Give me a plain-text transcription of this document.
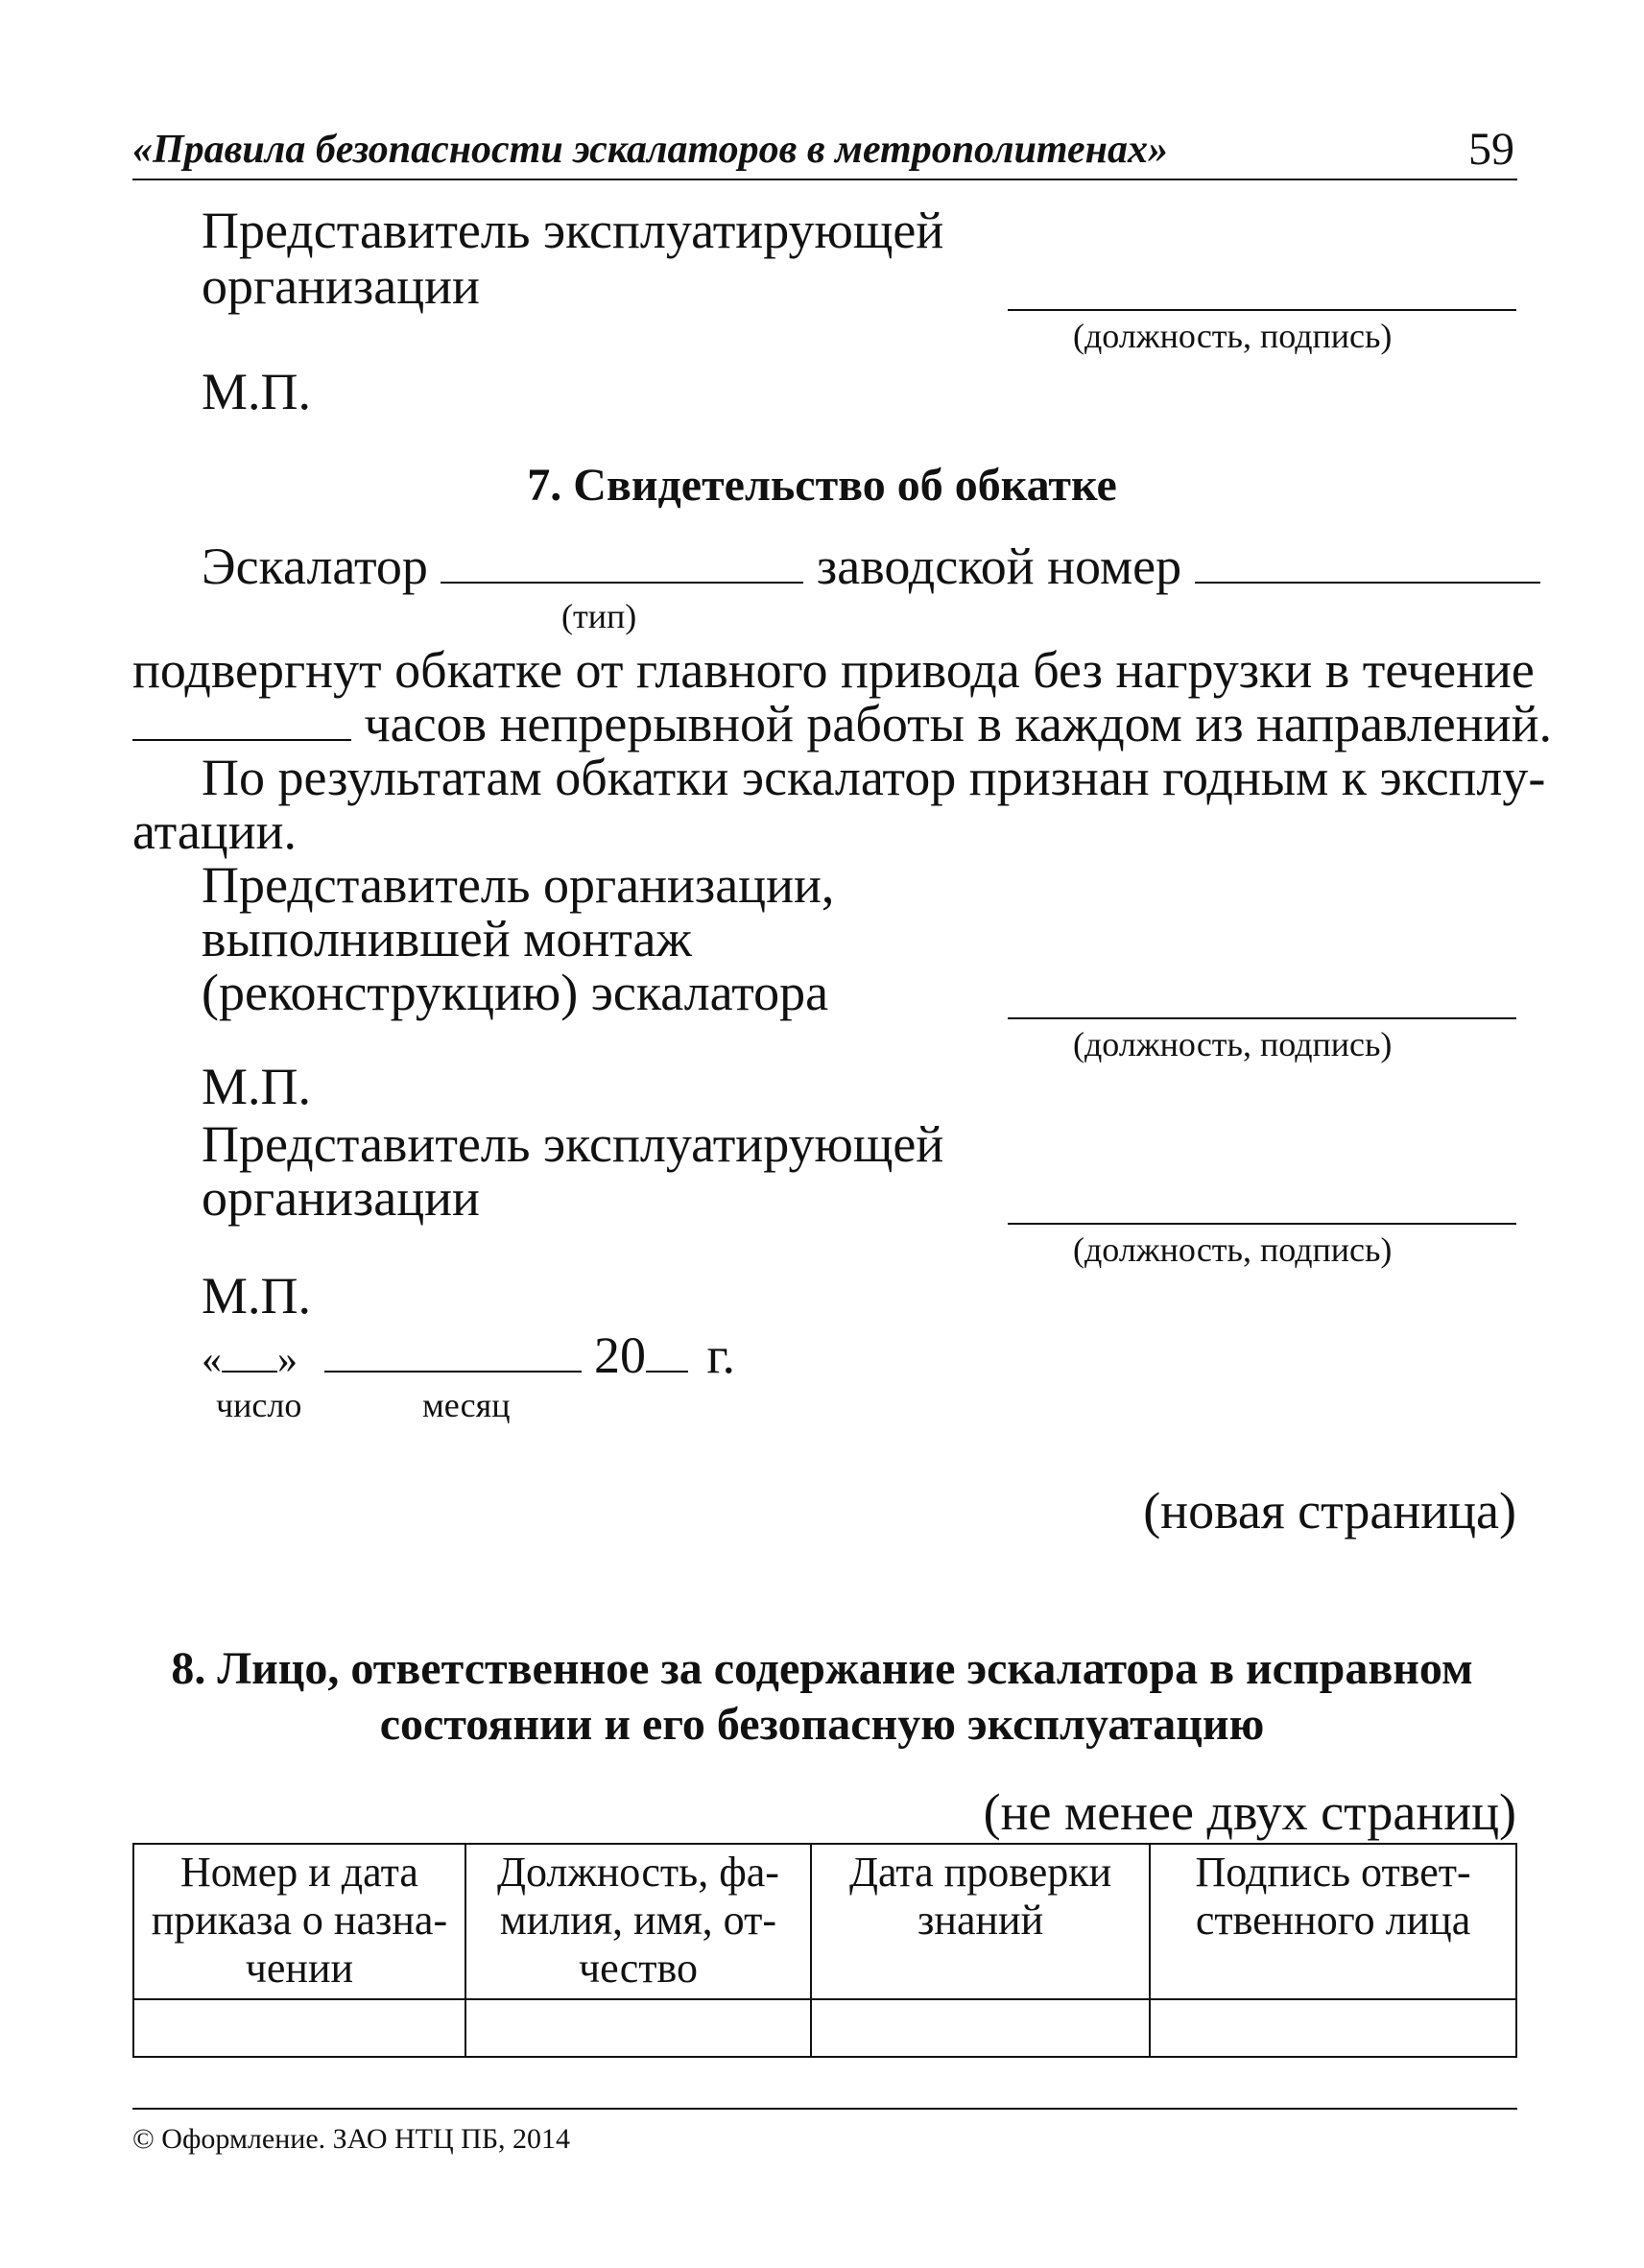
«Правила безопасности эскалаторов в метрополитенах»	59
Представитель эксплуатирующей
организации
(должность, подпись)
М.П.
7. Свидетельство об обкатке
Эскалатор	заводской номер
(тип)
подвергнут обкатке от главного привода без нагрузки в течение
часов непрерывной работы в каждом из направлений.
По результатам обкатки эскалатор признан годным к эксплу-
атации.
Представитель организации,
выполнившей монтаж
(реконструкцию) эскалатора
(должность, подпись)
М.П.
Представитель эксплуатирующей
организации
(должность, подпись)
М.П.
« »	20 г.
число	месяц
(новая страница)
8. Лицо, ответственное за содержание эскалатора в исправном
состоянии и его безопасную эксплуатацию
(не менее двух страниц)
Номер и дата приказа о назна-чении	Должность, фа-милия, имя, от-чество	Дата проверки знаний	Подпись ответ-ственного лица

© Оформление. ЗАО НТЦ ПБ, 2014
